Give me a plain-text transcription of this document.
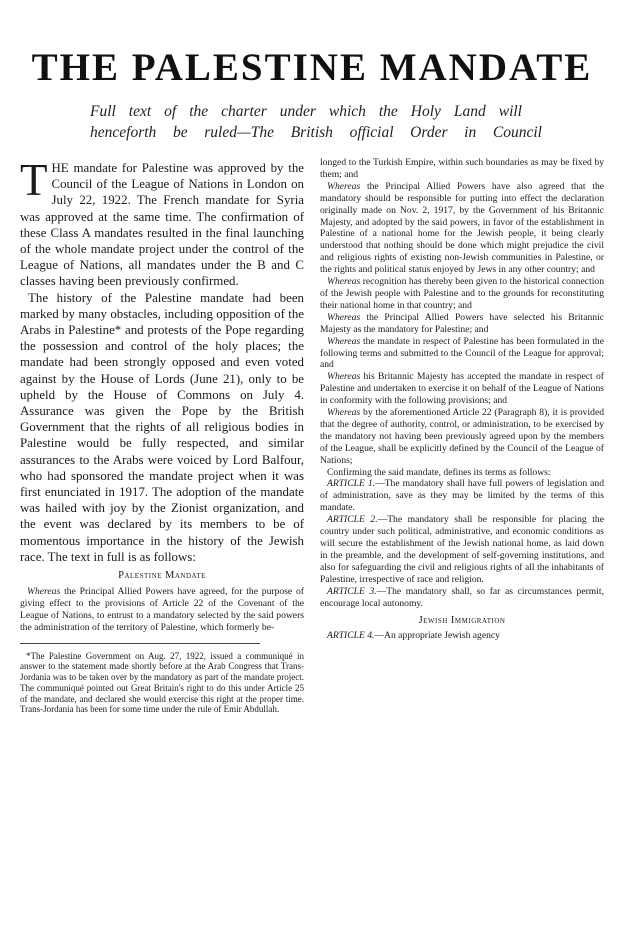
THE PALESTINE MANDATE
Full text of the charter under which the Holy Land will
henceforth be ruled—The British official Order in Council

THE mandate for Palestine was approved by the Council of the League of Nations in London on July 22, 1922. The French mandate for Syria was approved at the same time. The confirmation of these Class A mandates resulted in the final launching of the whole mandate project under the control of the League of Nations, all mandates under the B and C classes having been previously confirmed.

The history of the Palestine mandate had been marked by many obstacles, including opposition of the Arabs in Palestine* and protests of the Pope regarding the possession and control of the holy places; the mandate had been strongly opposed and even voted against by the House of Lords (June 21), only to be upheld by the House of Commons on July 4. Assurance was given the Pope by the British Government that the rights of all religious bodies in Palestine would be fully respected, and similar assurances to the Arabs were voiced by Lord Balfour, who had sponsored the mandate project when it was first enunciated in 1917. The adoption of the mandate was hailed with joy by the Zionist organization, and the event was declared by its members to be of momentous importance in the history of the Jewish race. The text in full is as follows:

Palestine Mandate

Whereas the Principal Allied Powers have agreed, for the purpose of giving effect to the provisions of Article 22 of the Covenant of the League of Nations, to entrust to a mandatory selected by the said powers the administration of the territory of Palestine, which formerly be-

*The Palestine Government on Aug. 27, 1922, issued a communiqué in answer to the statement made shortly before at the Arab Congress that Trans-Jordania was to be taken over by the mandatory as part of the mandate project. The communiqué pointed out Great Britain's right to do this under Article 25 of the mandate, and declared she would exercise this right at the proper time. Trans-Jordania has been for some time under the rule of Emir Abdullah.

longed to the Turkish Empire, within such boundaries as may be fixed by them; and

Whereas the Principal Allied Powers have also agreed that the mandatory should be responsible for putting into effect the declaration originally made on Nov. 2, 1917, by the Government of his Britannic Majesty, and adopted by the said powers, in favor of the establishment in Palestine of a national home for the Jewish people, it being clearly understood that nothing should be done which might prejudice the civil and religious rights of existing non-Jewish communities in Palestine, or the rights and political status enjoyed by Jews in any other country; and

Whereas recognition has thereby been given to the historical connection of the Jewish people with Palestine and to the grounds for reconstituting their national home in that country; and

Whereas the Principal Allied Powers have selected his Britannic Majesty as the mandatory for Palestine; and

Whereas the mandate in respect of Palestine has been formulated in the following terms and submitted to the Council of the League for approval; and

Whereas his Britannic Majesty has accepted the mandate in respect of Palestine and undertaken to exercise it on behalf of the League of Nations in conformity with the following provisions; and

Whereas by the aforementioned Article 22 (Paragraph 8), it is provided that the degree of authority, control, or administration, to be exercised by the mandatory not having been previously agreed upon by the members of the League, shall be explicitly defined by the Council of the League of Nations;

Confirming the said mandate, defines its terms as follows:

ARTICLE 1.—The mandatory shall have full powers of legislation and of administration, save as they may be limited by the terms of this mandate.

ARTICLE 2.—The mandatory shall be responsible for placing the country under such political, administrative, and economic conditions as will secure the establishment of the Jewish national home, as laid down in the preamble, and the development of self-governing institutions, and also for safeguarding the civil and religious rights of all the inhabitants of Palestine, irrespective of race and religion.

ARTICLE 3.—The mandatory shall, so far as circumstances permit, encourage local autonomy.

Jewish Immigration

ARTICLE 4.—An appropriate Jewish agency
